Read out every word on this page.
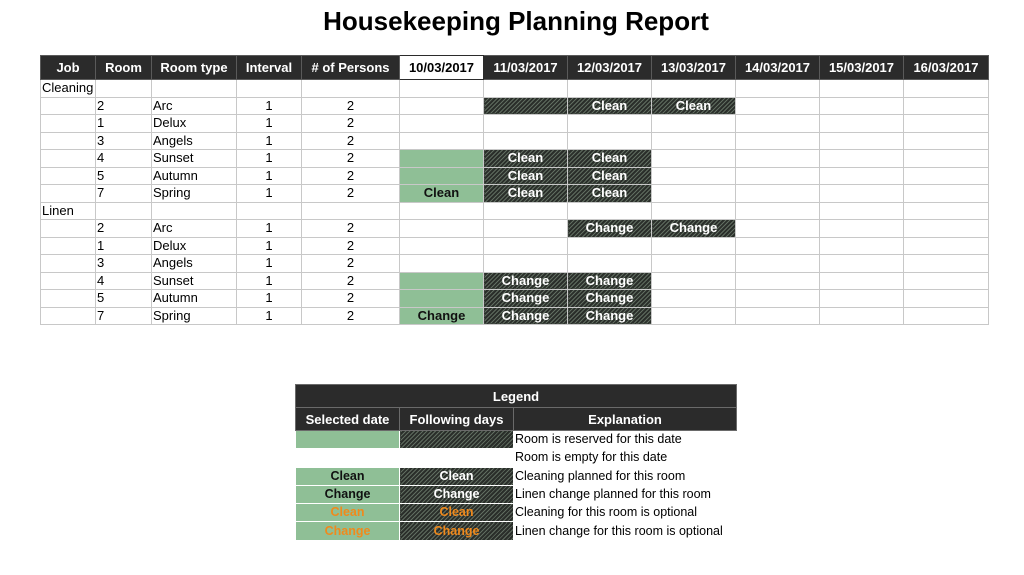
Housekeeping Planning Report
Job	Room	Room type	Interval	# of Persons	10/03/2017	11/03/2017	12/03/2017	13/03/2017	14/03/2017	15/03/2017	16/03/2017
Cleaning											
	2	Arc	1	2			Clean	Clean			
	1	Delux	1	2							
	3	Angels	1	2							
	4	Sunset	1	2		Clean	Clean				
	5	Autumn	1	2		Clean	Clean				
	7	Spring	1	2	Clean	Clean	Clean				
Linen											
	2	Arc	1	2			Change	Change			
	1	Delux	1	2							
	3	Angels	1	2							
	4	Sunset	1	2		Change	Change				
	5	Autumn	1	2		Change	Change				
	7	Spring	1	2	Change	Change	Change				
Legend		
Selected date	Following days	Explanation
		Room is reserved for this date
		Room is empty for this date
Clean	Clean	Cleaning planned for this room
Change	Change	Linen change planned for this room
Clean	Clean	Cleaning for this room is optional
Change	Change	Linen change for this room is optional
